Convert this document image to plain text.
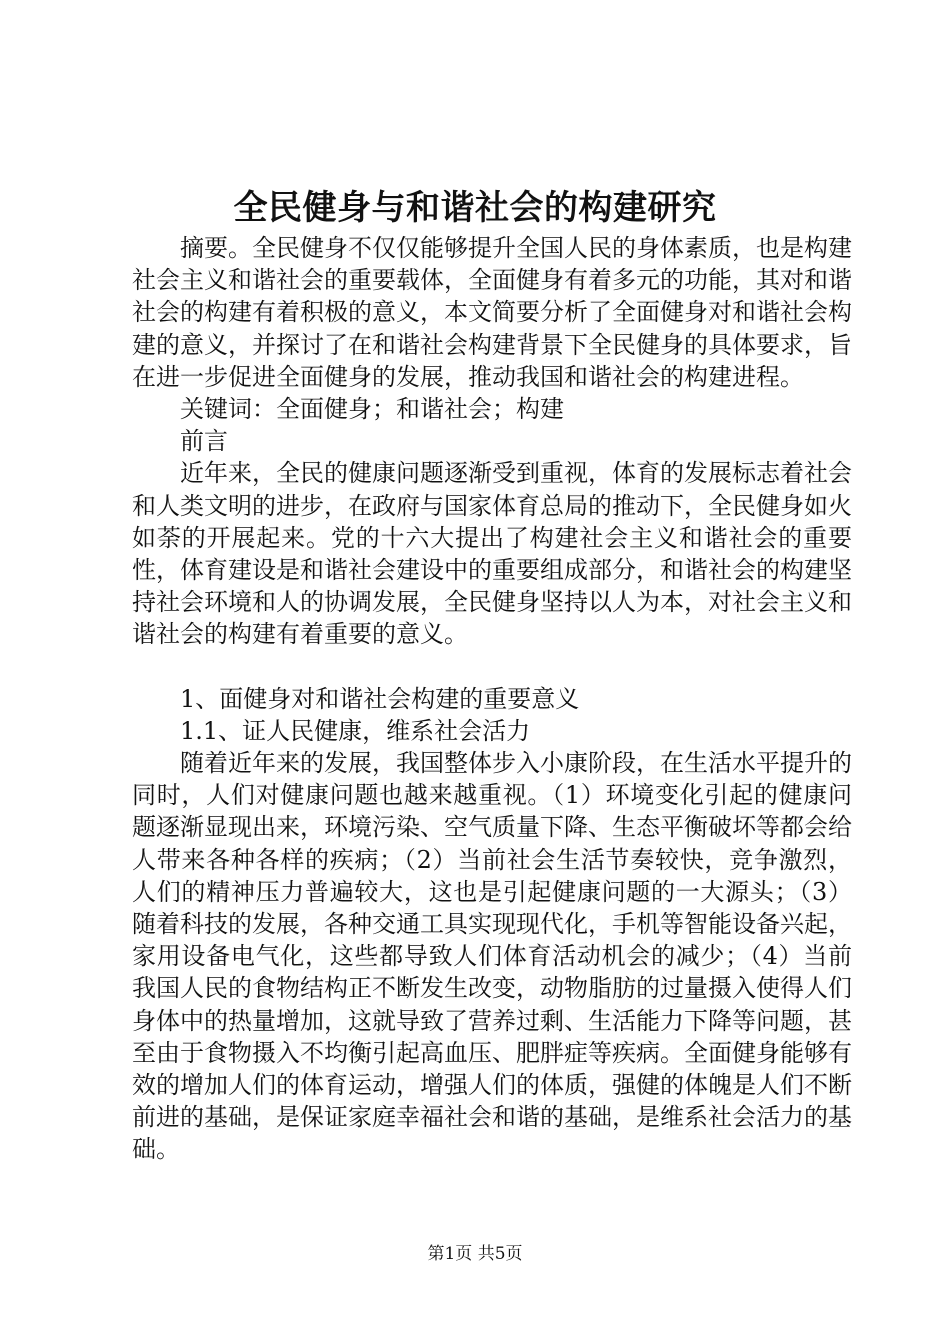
全民健身与和谐社会的构建研究

摘要。全民健身不仅仅能够提升全国人民的身体素质，也是构建社会主义和谐社会的重要载体，全面健身有着多元的功能，其对和谐社会的构建有着积极的意义，本文简要分析了全面健身对和谐社会构建的意义，并探讨了在和谐社会构建背景下全民健身的具体要求，旨在进一步促进全面健身的发展，推动我国和谐社会的构建进程。

关键词：全面健身；和谐社会；构建

前言

近年来，全民的健康问题逐渐受到重视，体育的发展标志着社会和人类文明的进步，在政府与国家体育总局的推动下，全民健身如火如荼的开展起来。党的十六大提出了构建社会主义和谐社会的重要性，体育建设是和谐社会建设中的重要组成部分，和谐社会的构建坚持社会环境和人的协调发展，全民健身坚持以人为本，对社会主义和谐社会的构建有着重要的意义。

1、面健身对和谐社会构建的重要意义

1.1、证人民健康，维系社会活力

随着近年来的发展，我国整体步入小康阶段，在生活水平提升的同时，人们对健康问题也越来越重视。（1）环境变化引起的健康问题逐渐显现出来，环境污染、空气质量下降、生态平衡破坏等都会给人带来各种各样的疾病；（2）当前社会生活节奏较快，竞争激烈，人们的精神压力普遍较大，这也是引起健康问题的一大源头；（3）随着科技的发展，各种交通工具实现现代化，手机等智能设备兴起，家用设备电气化，这些都导致人们体育活动机会的减少；（4）当前我国人民的食物结构正不断发生改变，动物脂肪的过量摄入使得人们身体中的热量增加，这就导致了营养过剩、生活能力下降等问题，甚至由于食物摄入不均衡引起高血压、肥胖症等疾病。全面健身能够有效的增加人们的体育运动，增强人们的体质，强健的体魄是人们不断前进的基础，是保证家庭幸福社会和谐的基础，是维系社会活力的基础。

第1页 共5页
